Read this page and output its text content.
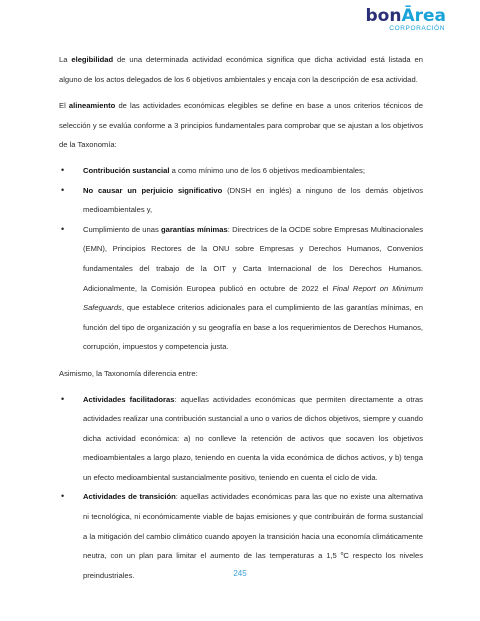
bonĀrea
CORPORACIÓN

La elegibilidad de una determinada actividad económica significa que dicha actividad está listada en alguno de los actos delegados de los 6 objetivos ambientales y encaja con la descripción de esa actividad.

El alineamiento de las actividades económicas elegibles se define en base a unos criterios técnicos de selección y se evalúa conforme a 3 principios fundamentales para comprobar que se ajustan a los objetivos de la Taxonomía:

• Contribución sustancial a como mínimo uno de los 6 objetivos medioambientales;
• No causar un perjuicio significativo (DNSH en inglés) a ninguno de los demás objetivos medioambientales y,
• Cumplimiento de unas garantías mínimas: Directrices de la OCDE sobre Empresas Multinacionales (EMN), Principios Rectores de la ONU sobre Empresas y Derechos Humanos, Convenios fundamentales del trabajo de la OIT y Carta Internacional de los Derechos Humanos. Adicionalmente, la Comisión Europea publicó en octubre de 2022 el Final Report on Minimum Safeguards, que establece criterios adicionales para el cumplimiento de las garantías mínimas, en función del tipo de organización y su geografía en base a los requerimientos de Derechos Humanos, corrupción, impuestos y competencia justa.

Asimismo, la Taxonomía diferencia entre:

• Actividades facilitadoras: aquellas actividades económicas que permiten directamente a otras actividades realizar una contribución sustancial a uno o varios de dichos objetivos, siempre y cuando dicha actividad económica: a) no conlleve la retención de activos que socaven los objetivos medioambientales a largo plazo, teniendo en cuenta la vida económica de dichos activos, y b) tenga un efecto medioambiental sustancialmente positivo, teniendo en cuenta el ciclo de vida.
• Actividades de transición: aquellas actividades económicas para las que no existe una alternativa ni tecnológica, ni económicamente viable de bajas emisiones y que contribuirán de forma sustancial a la mitigación del cambio climático cuando apoyen la transición hacia una economía climáticamente neutra, con un plan para limitar el aumento de las temperaturas a 1,5 $^o$C respecto los niveles preindustriales.	245
